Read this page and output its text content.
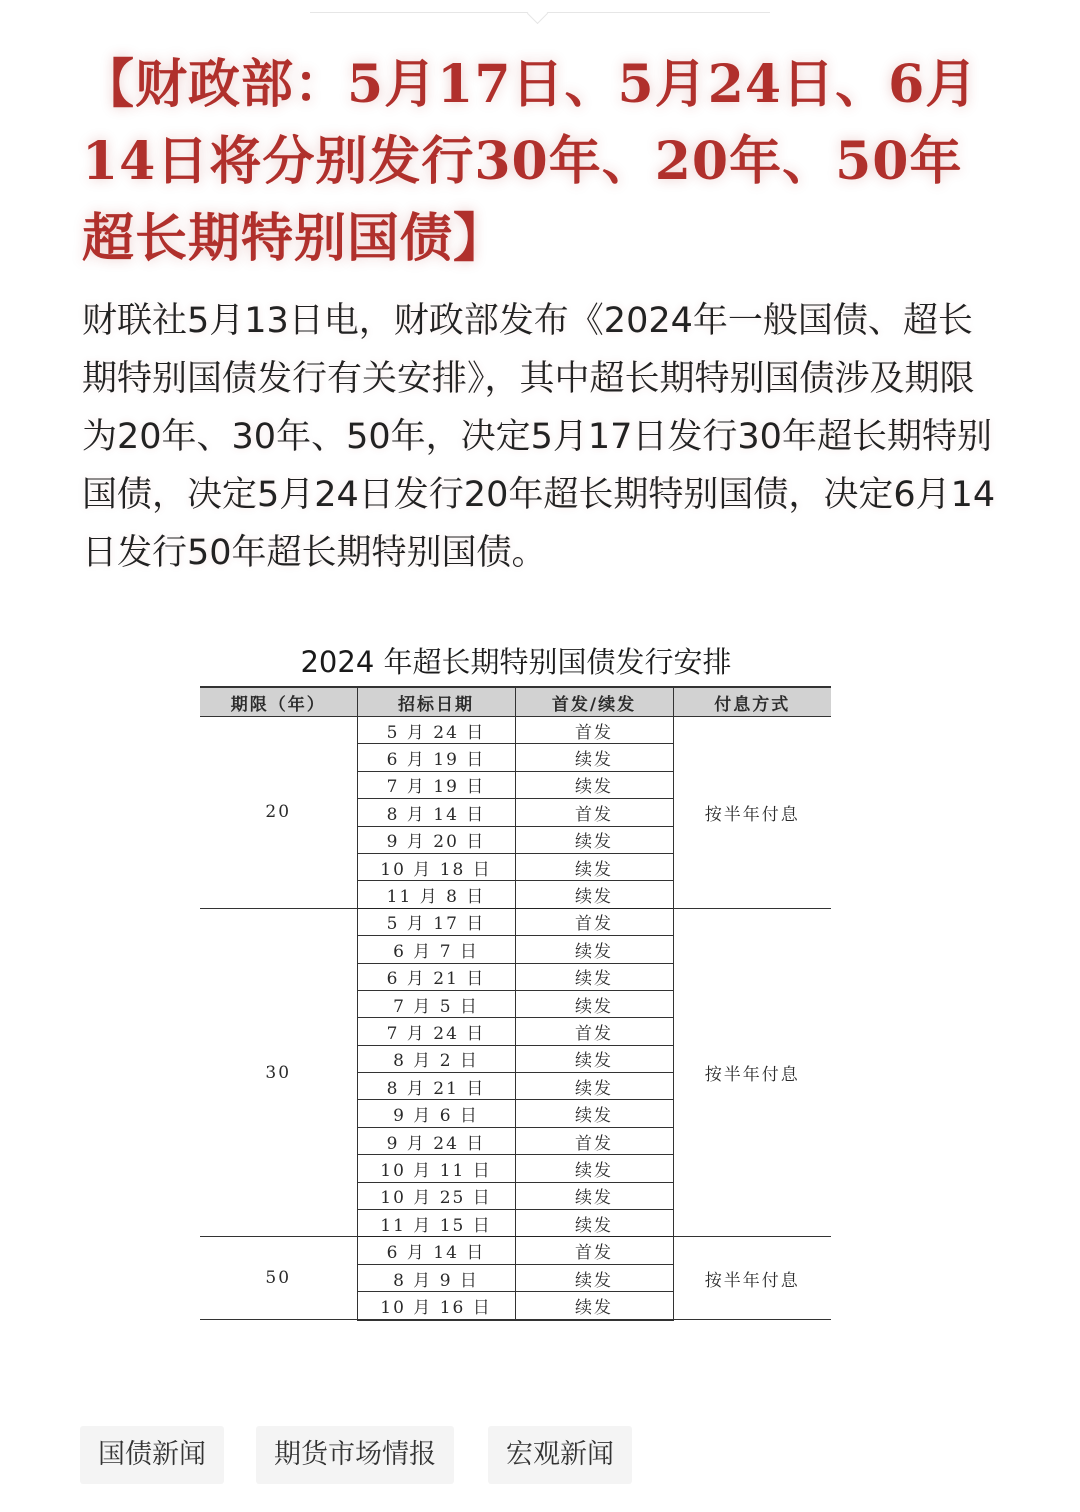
【财政部：5月17日、5月24日、6月14日将分别发行30年、20年、50年超长期特别国债】

财联社5月13日电，财政部发布《2024年一般国债、超长期特别国债发行有关安排》，其中超长期特别国债涉及期限为20年、30年、50年，决定5月17日发行30年超长期特别国债，决定5月24日发行20年超长期特别国债，决定6月14日发行50年超长期特别国债。

2024 年超长期特别国债发行安排
期限（年）	招标日期	首发/续发	付息方式
20	5 月 24 日	首发	按半年付息
	6 月 19 日	续发	
	7 月 19 日	续发	
	8 月 14 日	首发	
	9 月 20 日	续发	
	10 月 18 日	续发	
	11 月 8 日	续发	
30	5 月 17 日	首发	按半年付息
	6 月 7 日	续发	
	6 月 21 日	续发	
	7 月 5 日	续发	
	7 月 24 日	首发	
	8 月 2 日	续发	
	8 月 21 日	续发	
	9 月 6 日	续发	
	9 月 24 日	首发	
	10 月 11 日	续发	
	10 月 25 日	续发	
	11 月 15 日	续发	
50	6 月 14 日	首发	按半年付息
	8 月 9 日	续发	
	10 月 16 日	续发	
国债新闻	期货市场情报	宏观新闻
